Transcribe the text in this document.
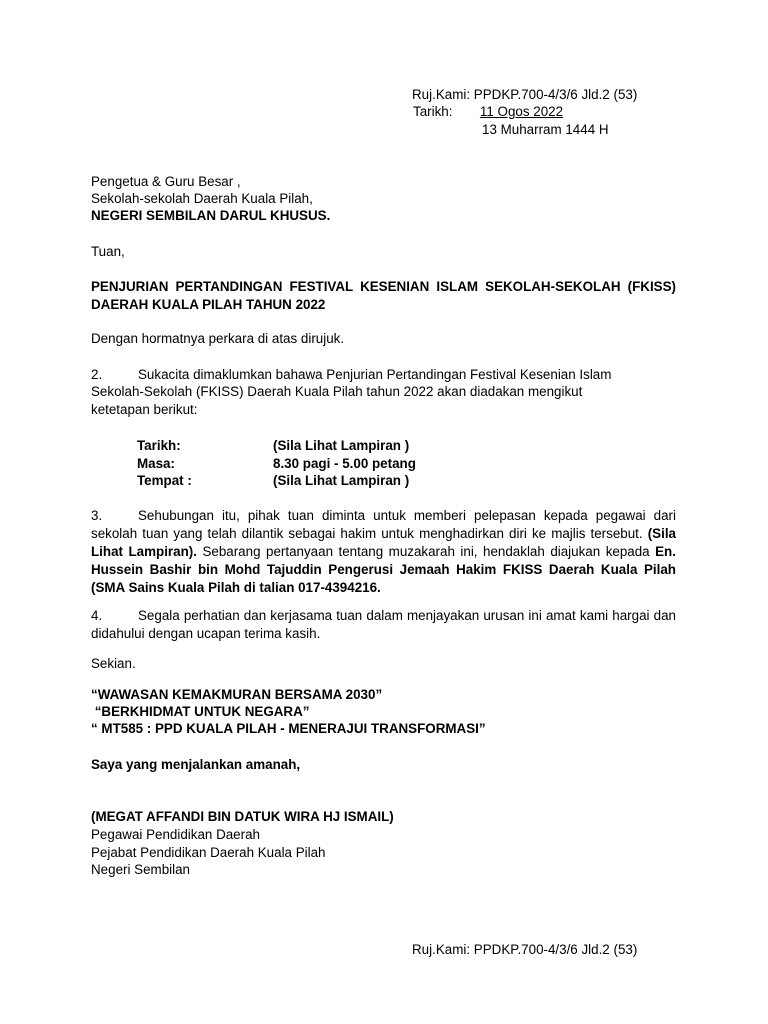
Ruj.Kami: PPDKP.700-4/3/6 Jld.2 (53)
Tarikh: 11 Ogos 2022
13 Muharram 1444 H
Pengetua & Guru Besar ,
Sekolah-sekolah Daerah Kuala Pilah,
NEGERI SEMBILAN DARUL KHUSUS.
Tuan,
PENJURIAN PERTANDINGAN FESTIVAL KESENIAN ISLAM SEKOLAH-SEKOLAH (FKISS) DAERAH KUALA PILAH TAHUN 2022
Dengan hormatnya perkara di atas dirujuk.
2.	Sukacita dimaklumkan bahawa Penjurian Pertandingan Festival Kesenian Islam
Sekolah-Sekolah (FKISS) Daerah Kuala Pilah tahun 2022 akan diadakan mengikut
ketetapan berikut:
Tarikh:	(Sila Lihat Lampiran )
Masa:	8.30 pagi - 5.00 petang
Tempat :	(Sila Lihat Lampiran )
3.	Sehubungan itu, pihak tuan diminta untuk memberi pelepasan kepada pegawai dari sekolah tuan yang telah dilantik sebagai hakim untuk menghadirkan diri ke majlis tersebut. (Sila Lihat Lampiran). Sebarang pertanyaan tentang muzakarah ini, hendaklah diajukan kepada En. Hussein Bashir bin Mohd Tajuddin Pengerusi Jemaah Hakim FKISS Daerah Kuala Pilah (SMA Sains Kuala Pilah di talian 017-4394216.
4.	Segala perhatian dan kerjasama tuan dalam menjayakan urusan ini amat kami hargai dan didahului dengan ucapan terima kasih.
Sekian.
“WAWASAN KEMAKMURAN BERSAMA 2030”
“BERKHIDMAT UNTUK NEGARA”
“ MT585 : PPD KUALA PILAH - MENERAJUI TRANSFORMASI”
Saya yang menjalankan amanah,
(MEGAT AFFANDI BIN DATUK WIRA HJ ISMAIL)
Pegawai Pendidikan Daerah
Pejabat Pendidikan Daerah Kuala Pilah
Negeri Sembilan
Ruj.Kami: PPDKP.700-4/3/6 Jld.2 (53)
